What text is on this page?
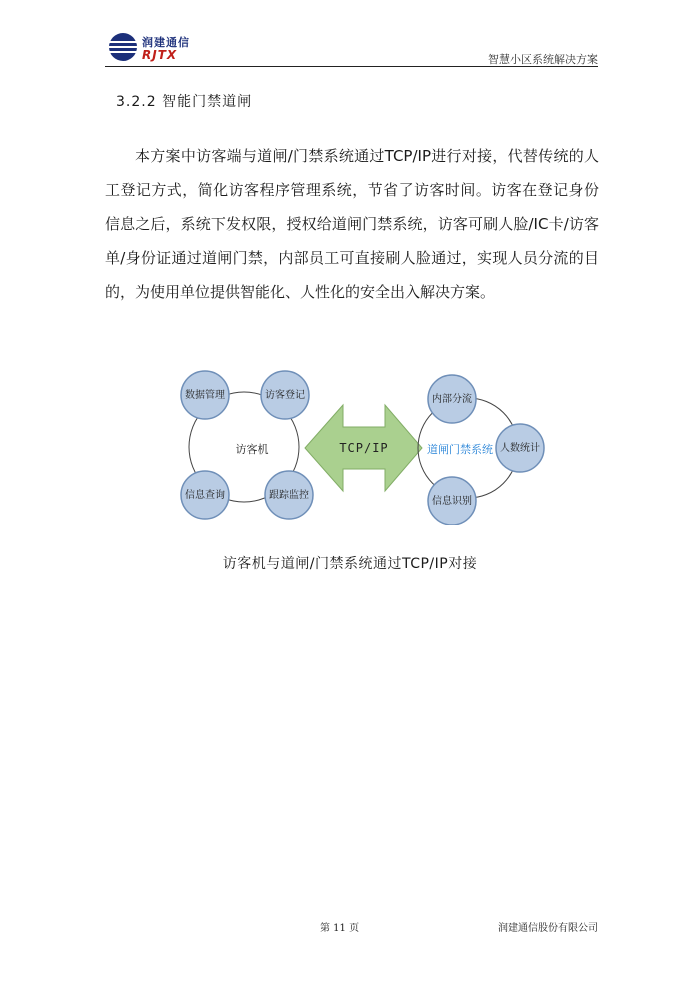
润建通信
RJTX	智慧小区系统解决方案
3.2.2 智能门禁道闸

本方案中访客端与道闸/门禁系统通过TCP/IP进行对接，代替传统的人工登记方式，简化访客程序管理系统，节省了访客时间。访客在登记身份信息之后，系统下发权限，授权给道闸门禁系统，访客可刷人脸/IC卡/访客单/身份证通过道闸门禁，内部员工可直接刷人脸通过，实现人员分流的目的，为使用单位提供智能化、人性化的安全出入解决方案。

访客机
数据管理	访客登记
信息查询	跟踪监控
TCP/IP	道闸门禁系统
内部分流
人数统计
信息识别
访客机与道闸/门禁系统通过TCP/IP对接
第 11 页	润建通信股份有限公司
